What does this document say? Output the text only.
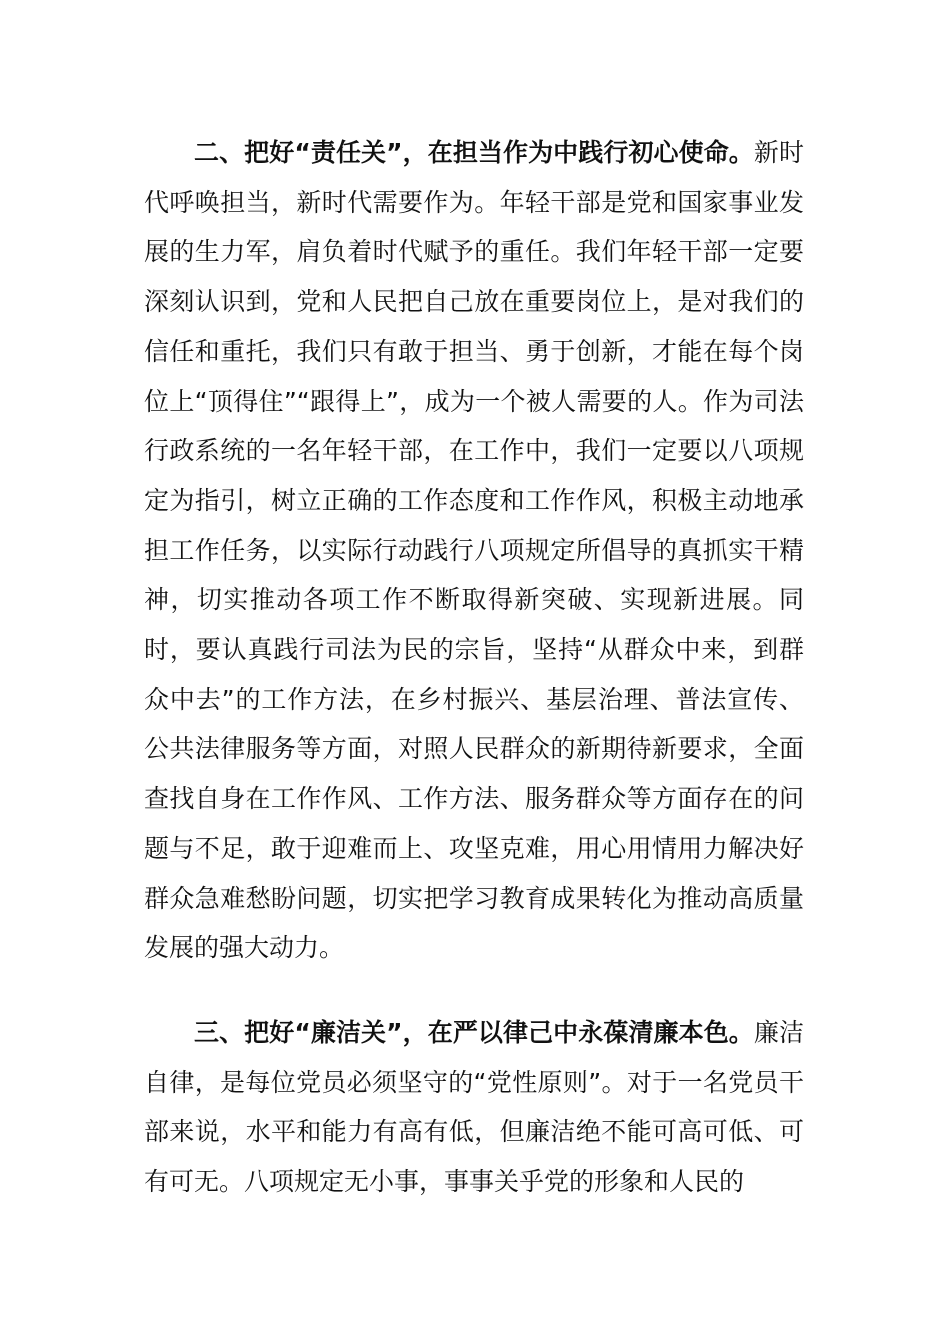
二、把好“责任关”，在担当作为中践行初心使命。新时代呼唤担当，新时代需要作为。年轻干部是党和国家事业发展的生力军，肩负着时代赋予的重任。我们年轻干部一定要深刻认识到，党和人民把自己放在重要岗位上，是对我们的信任和重托，我们只有敢于担当、勇于创新，才能在每个岗位上“顶得住”“跟得上”，成为一个被人需要的人。作为司法行政系统的一名年轻干部，在工作中，我们一定要以八项规定为指引，树立正确的工作态度和工作作风，积极主动地承担工作任务，以实际行动践行八项规定所倡导的真抓实干精神，切实推动各项工作不断取得新突破、实现新进展。同时，要认真践行司法为民的宗旨，坚持“从群众中来，到群众中去”的工作方法，在乡村振兴、基层治理、普法宣传、公共法律服务等方面，对照人民群众的新期待新要求，全面查找自身在工作作风、工作方法、服务群众等方面存在的问题与不足，敢于迎难而上、攻坚克难，用心用情用力解决好群众急难愁盼问题，切实把学习教育成果转化为推动高质量发展的强大动力。

三、把好“廉洁关”，在严以律己中永葆清廉本色。廉洁自律，是每位党员必须坚守的“党性原则”。对于一名党员干部来说，水平和能力有高有低，但廉洁绝不能可高可低、可有可无。八项规定无小事，事事关乎党的形象和人民的
